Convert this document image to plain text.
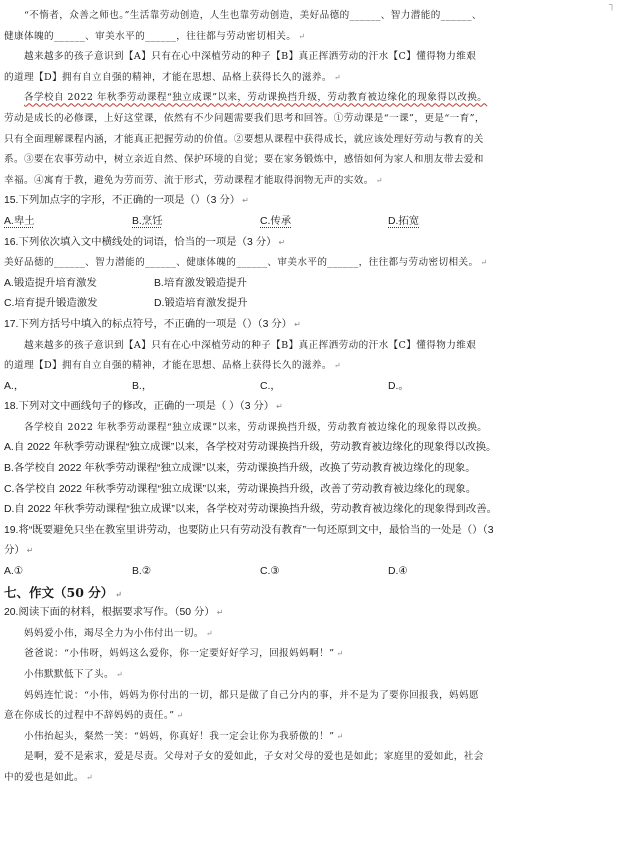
┐
“不惰者，众善之师也。”生活靠劳动创造，人生也靠劳动创造，美好品德的______、智力潜能的______、
健康体魄的______、审美水平的______，往往都与劳动密切相关。 ↵
越来越多的孩子意识到【A】只有在心中深植劳动的种子【B】真正挥洒劳动的汗水【C】懂得物力维艰
的道理【D】拥有自立自强的精神，才能在思想、品格上获得长久的滋养。 ↵
各学校自 2022 年秋季劳动课程“独立成课”以来，劳动课换挡升级，劳动教育被边缘化的现象得以改换。
劳动是成长的必修课，上好这堂课，依然有不少问题需要我们思考和回答。①劳动课是“一课”，更是“一育”，
只有全面理解课程内涵，才能真正把握劳动的价值。②要想从课程中获得成长，就应该处理好劳动与教育的关
系。③要在农事劳动中，树立亲近自然、保护环境的自觉；要在家务锻炼中，感悟如何为家人和朋友带去爱和
幸福。④寓育于教，避免为劳而劳、流于形式，劳动课程才能取得润物无声的实效。 ↵
15.下列加点字的字形，不正确的一项是（）（3 分） ↵
A.卑土	B.烹饪	C.传承	D.拓宽
16.下列依次填入文中横线处的词语，恰当的一项是（3 分） ↵
美好品德的______、智力潜能的______、健康体魄的______、审美水平的______，往往都与劳动密切相关。 ↵
A.锻造提升培育激发	B.培育激发锻造提升
C.培育提升锻造激发	D.锻造培育激发提升
17.下列方括号中填入的标点符号，不正确的一项是（）（3 分） ↵
越来越多的孩子意识到【A】只有在心中深植劳动的种子【B】真正挥洒劳动的汗水【C】懂得物力维艰
的道理【D】拥有自立自强的精神，才能在思想、品格上获得长久的滋养。 ↵
A.，	B.，	C.，	D.。
18.下列对文中画线句子的修改，正确的一项是（ ）（3 分） ↵
各学校自 2022 年秋季劳动课程“独立成课”以来，劳动课换挡升级，劳动教育被边缘化的现象得以改换。
A.自 2022 年秋季劳动课程“独立成课”以来，各学校对劳动课换挡升级，劳动教育被边缘化的现象得以改换。
B.各学校自 2022 年秋季劳动课程“独立成课”以来，劳动课换挡升级，改换了劳动教育被边缘化的现象。
C.各学校自 2022 年秋季劳动课程“独立成课”以来，劳动课换挡升级，改善了劳动教育被边缘化的现象。
D.自 2022 年秋季劳动课程“独立成课”以来，各学校对劳动课换挡升级，劳动教育被边缘化的现象得到改善。
19.将“既要避免只坐在教室里讲劳动，也要防止只有劳动没有教育”一句还原到文中，最恰当的一处是（）（3
分） ↵
A.①	B.②	C.③	D.④
七、作文（50 分） ↵
20.阅读下面的材料，根据要求写作。（50 分） ↵
妈妈爱小伟，竭尽全力为小伟付出一切。 ↵
爸爸说：“小伟呀，妈妈这么爱你，你一定要好好学习，回报妈妈啊！” ↵
小伟默默低下了头。 ↵
妈妈连忙说：“小伟，妈妈为你付出的一切，都只是做了自己分内的事，并不是为了要你回报我，妈妈愿
意在你成长的过程中不辞妈妈的责任。” ↵
小伟抬起头，粲然一笑：“妈妈，你真好！我一定会让你为我骄傲的！” ↵
是啊，爱不是索求，爱是尽责。父母对子女的爱如此，子女对父母的爱也是如此；家庭里的爱如此，社会
中的爱也是如此。 ↵
